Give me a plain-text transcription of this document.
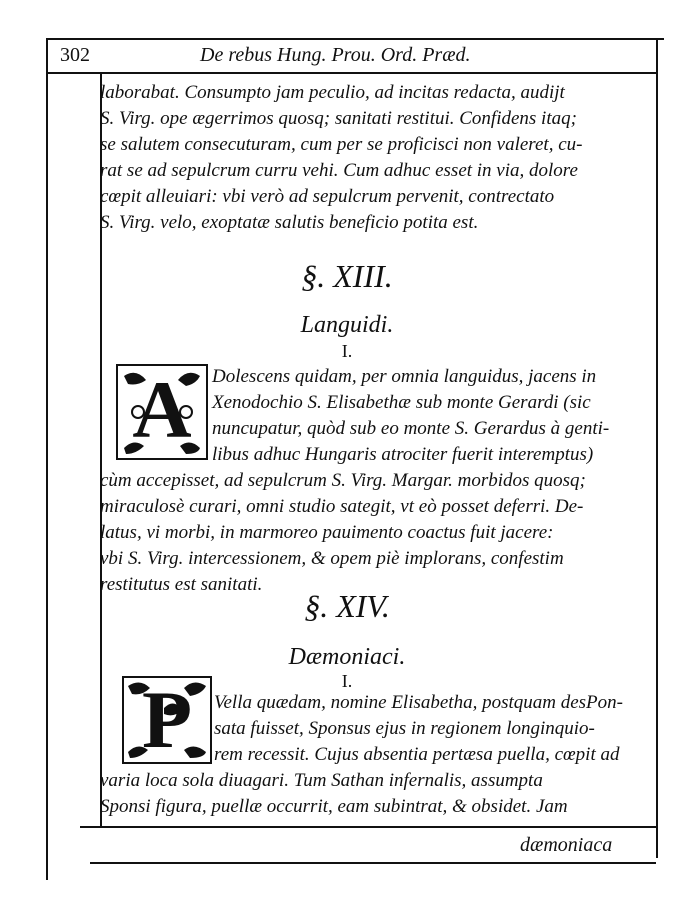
302	De rebus Hung. Prou. Ord. Præd.
laborabat. Consumpto jam peculio, ad incitas redacta, audijt
S. Virg. ope ægerrimos quosq; sanitati restitui. Confidens itaq;
se salutem consecuturam, cum per se proficisci non valeret, cu-
rat se ad sepulcrum curru vehi. Cum adhuc esset in via, dolore
cœpit alleuiari: vbi verò ad sepulcrum pervenit, contrectato
S. Virg. velo, exoptatæ salutis beneficio potita est.
§. XIII.
Languidi.
I.
A	Dolescens quidam, per omnia languidus, jacens in
Xenodochio S. Elisabethæ sub monte Gerardi (sic
nuncupatur, quòd sub eo monte S. Gerardus à genti-
libus adhuc Hungaris atrociter fuerit interemptus)
cùm accepisset, ad sepulcrum S. Virg. Margar. morbidos quosq;
miraculosè curari, omni studio sategit, vt eò posset deferri. De-
latus, vi morbi, in marmoreo pauimento coactus fuit jacere:
vbi S. Virg. intercessionem, & opem piè implorans, confestim
restitutus est sanitati.
§. XIV.
Dæmoniaci.
I.
P	Vella quædam, nomine Elisabetha, postquam desPon-
sata fuisset, Sponsus ejus in regionem longinquio-
rem recessit. Cujus absentia pertæsa puella, cœpit ad
varia loca sola diuagari. Tum Sathan infernalis, assumpta
Sponsi figura, puellæ occurrit, eam subintrat, & obsidet. Jam
dæmoniaca
